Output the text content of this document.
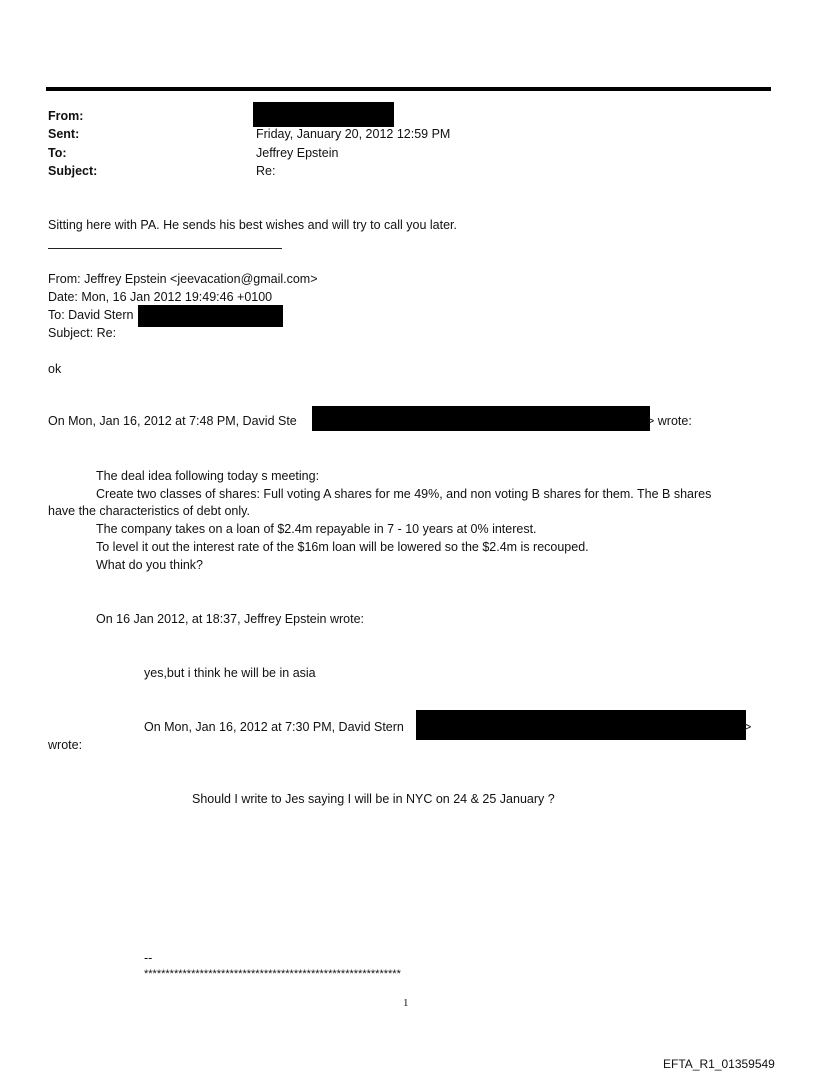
From:
Sent:	Friday, January 20, 2012 12:59 PM
To:	Jeffrey Epstein
Subject:	Re:
Sitting here with PA. He sends his best wishes and will try to call you later.
From: Jeffrey Epstein <jeevacation@gmail.com>
Date: Mon, 16 Jan 2012 19:49:46 +0100
To: David Stern
Subject: Re:
ok
On Mon, Jan 16, 2012 at 7:48 PM, David Ste	> wrote:
The deal idea following today s meeting:
Create two classes of shares: Full voting A shares for me 49%, and non voting B shares for them. The B shares
have the characteristics of debt only.
The company takes on a loan of $2.4m repayable in 7 - 10 years at 0% interest.
To level it out the interest rate of the $16m loan will be lowered so the $2.4m is recouped.
What do you think?
On 16 Jan 2012, at 18:37, Jeffrey Epstein wrote:
yes,but i think he will be in asia
On Mon, Jan 16, 2012 at 7:30 PM, David Stern	>
wrote:
Should I write to Jes saying I will be in NYC on 24 & 25 January ?
--
************************************************************
1
EFTA_R1_01359549
